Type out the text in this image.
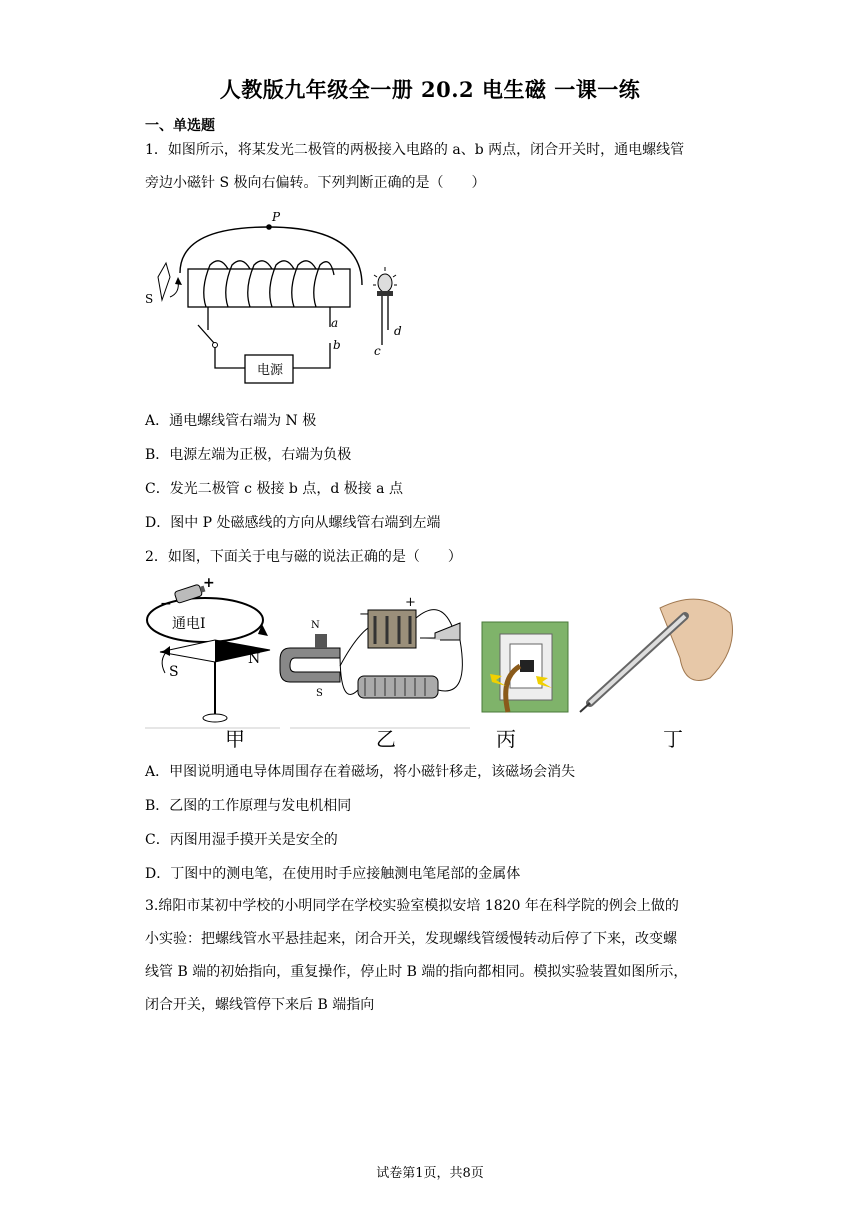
人教版九年级全一册 20.2 电生磁 一课一练
一、单选题
1．如图所示，将某发光二极管的两极接入电路的 a、b 两点，闭合开关时，通电螺线管
旁边小磁针 S 极向右偏转。下列判断正确的是（　　）
P
S
电源
a
b
d
c
A．通电螺线管右端为 N 极
B．电源左端为正极，右端为负极
C．发光二极管 c 极接 b 点，d 极接 a 点
D．图中 P 处磁感线的方向从螺线管右端到左端
2．如图，下面关于电与磁的说法正确的是（　　）
+
−
通电I
S
N
N
S
−
+
甲	乙	丙	丁
A．甲图说明通电导体周围存在着磁场，将小磁针移走，该磁场会消失
B．乙图的工作原理与发电机相同
C．丙图用湿手摸开关是安全的
D．丁图中的测电笔，在使用时手应接触测电笔尾部的金属体
3.绵阳市某初中学校的小明同学在学校实验室模拟安培 1820 年在科学院的例会上做的
小实验：把螺线管水平悬挂起来，闭合开关，发现螺线管缓慢转动后停了下来，改变螺
线管 B 端的初始指向，重复操作，停止时 B 端的指向都相同。模拟实验装置如图所示，
闭合开关，螺线管停下来后 B 端指向
试卷第1页，共8页
